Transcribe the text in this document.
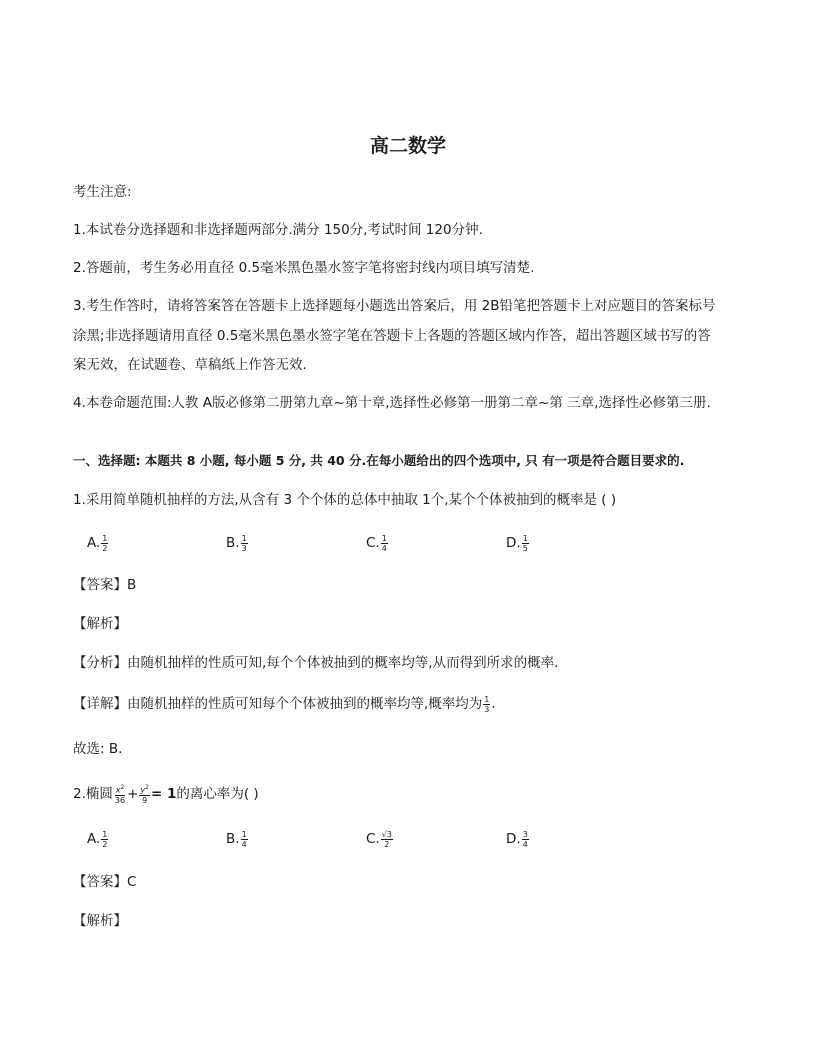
高二数学
考生注意:
1.本试卷分选择题和非选择题两部分.满分 150分,考试时间 120分钟.
2.答题前，考生务必用直径 0.5毫米黑色墨水签字笔将密封线内项目填写清楚.
3.考生作答时，请将答案答在答题卡上选择题每小题选出答案后，用 2B铅笔把答题卡上对应题目的答案标号
涂黑;非选择题请用直径 0.5毫米黑色墨水签字笔在答题卡上各题的答题区域内作答，超出答题区域书写的答
案无效，在试题卷、草稿纸上作答无效.
4.本卷命题范围:人教 A版必修第二册第九章~第十章,选择性必修第一册第二章~第 三章,选择性必修第三册.
一、选择题: 本题共 8 小题, 每小题 5 分, 共 40 分.在每小题给出的四个选项中, 只 有一项是符合题目要求的.
1.采用简单随机抽样的方法,从含有 3 个个体的总体中抽取 1个,某个个体被抽到的概率是 ( )
A. $\frac{1}{2}$	B. $\frac{1}{3}$	C. $\frac{1}{4}$	D. $\frac{1}{5}$
【答案】B
【解析】
【分析】由随机抽样的性质可知,每个个体被抽到的概率均等,从而得到所求的概率.
【详解】由随机抽样的性质可知每个个体被抽到的概率均等,概率均为 $\frac{1}{3}$ .
故选: B.
2.椭圆 $\frac{x^2}{36} + \frac{y^2}{9} = 1$的离心率为( )
A. $\frac{1}{2}$	B. $\frac{1}{4}$	C. $\frac{√3}{2}$	D. $\frac{3}{4}$
【答案】C
【解析】
